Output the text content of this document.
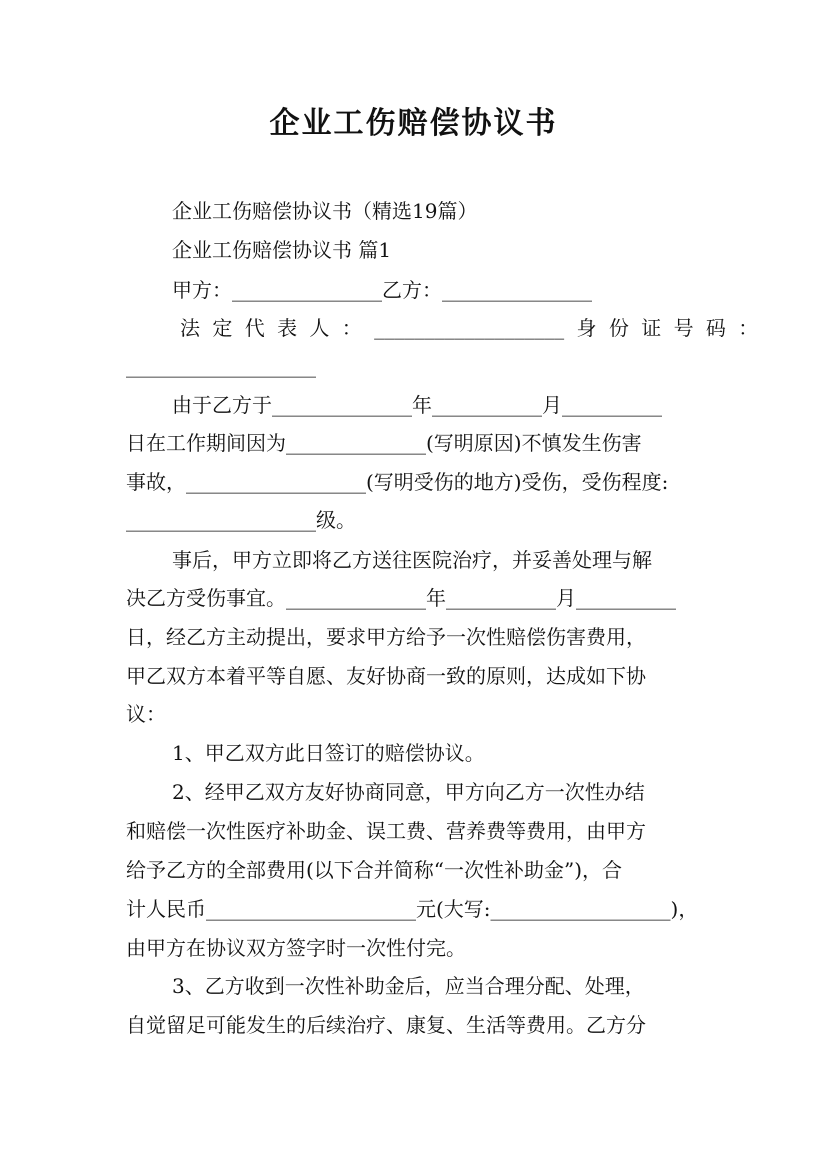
企业工伤赔偿协议书
企业工伤赔偿协议书（精选19篇）
企业工伤赔偿协议书 篇1
甲方：_______________乙方：_______________
法 定 代 表 人 ： ___________________ 身 份 证 号 码 ：
___________________
由于乙方于______________年___________月__________
日在工作期间因为______________(写明原因)不慎发生伤害
事故，__________________(写明受伤的地方)受伤，受伤程度:
___________________级。
事后，甲方立即将乙方送往医院治疗，并妥善处理与解
决乙方受伤事宜。______________年___________月__________
日，经乙方主动提出，要求甲方给予一次性赔偿伤害费用，
甲乙双方本着平等自愿、友好协商一致的原则，达成如下协
议：
1、甲乙双方此日签订的赔偿协议。
2、经甲乙双方友好协商同意，甲方向乙方一次性办结
和赔偿一次性医疗补助金、误工费、营养费等费用，由甲方
给予乙方的全部费用(以下合并简称“一次性补助金”)，合
计人民币_____________________元(大写:__________________)，
由甲方在协议双方签字时一次性付完。
3、乙方收到一次性补助金后，应当合理分配、处理，
自觉留足可能发生的后续治疗、康复、生活等费用。乙方分
